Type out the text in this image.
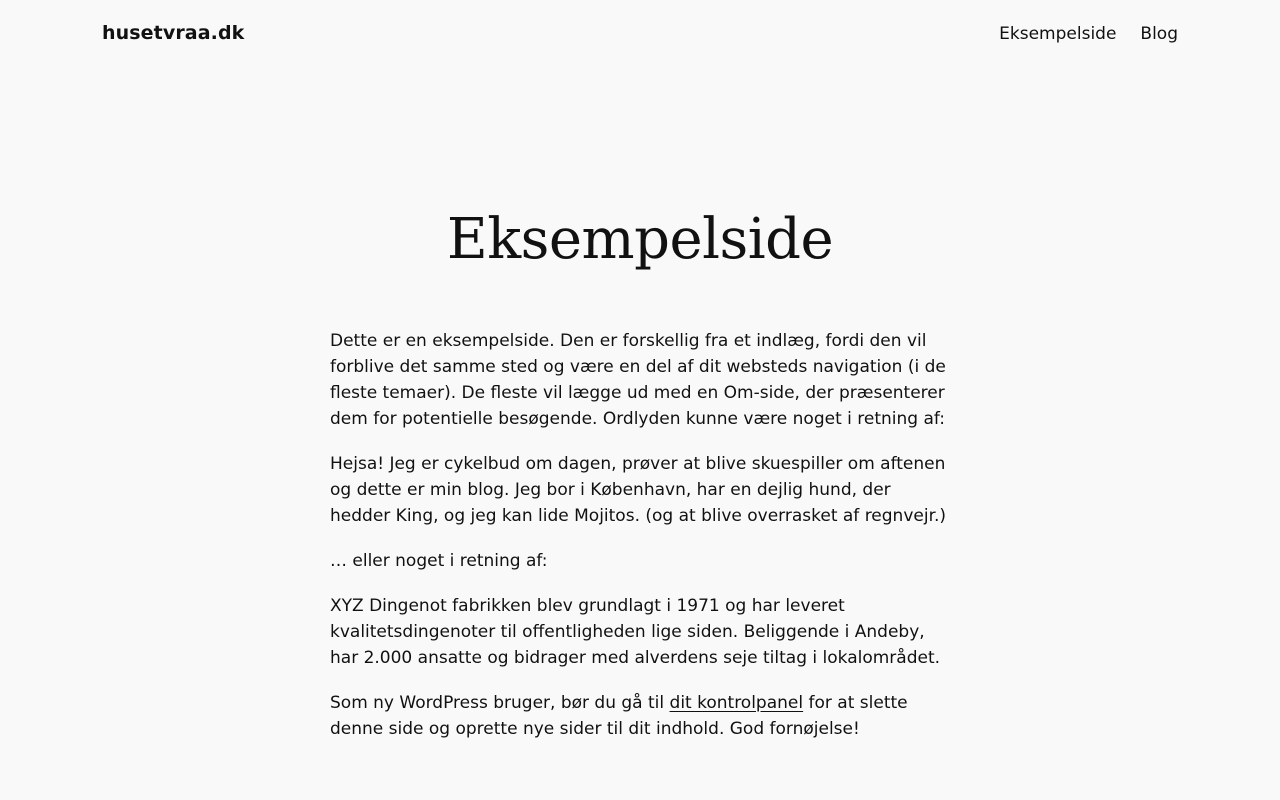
husetvraa.dk	Eksempelside Blog
Eksempelside

Dette er en eksempelside. Den er forskellig fra et indlæg, fordi den vil forblive det samme sted og være en del af dit websteds navigation (i de fleste temaer). De fleste vil lægge ud med en Om-side, der præsenterer dem for potentielle besøgende. Ordlyden kunne være noget i retning af:

Hejsa! Jeg er cykelbud om dagen, prøver at blive skuespiller om aftenen og dette er min blog. Jeg bor i København, har en dejlig hund, der hedder King, og jeg kan lide Mojitos. (og at blive overrasket af regnvejr.)

… eller noget i retning af:

XYZ Dingenot fabrikken blev grundlagt i 1971 og har leveret kvalitetsdingenoter til offentligheden lige siden. Beliggende i Andeby, har 2.000 ansatte og bidrager med alverdens seje tiltag i lokalområdet.

Som ny WordPress bruger, bør du gå til dit kontrolpanel for at slette denne side og oprette nye sider til dit indhold. God fornøjelse!
